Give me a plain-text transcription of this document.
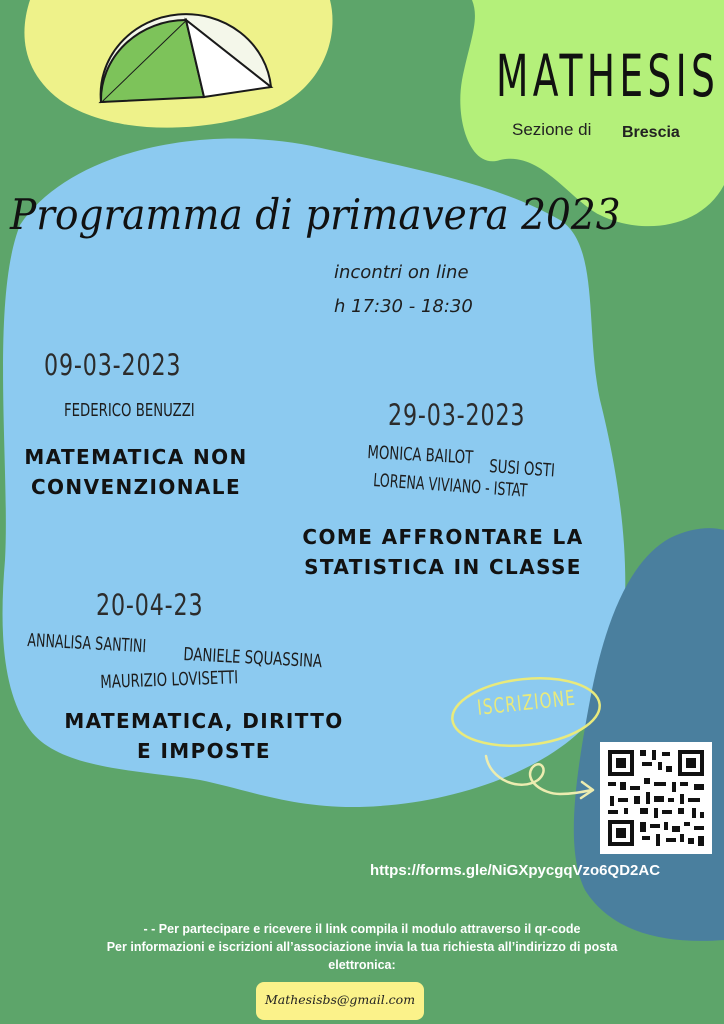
MATHESIS
Sezione di Brescia
Programma di primavera 2023
incontri on line
h 17:30 - 18:30
09-03-2023
FEDERICO BENUZZI
MATEMATICA NON
CONVENZIONALE
29-03-2023
MONICA BAILOT
SUSI OSTI
LORENA VIVIANO - ISTAT
COME AFFRONTARE LA
STATISTICA IN CLASSE
20-04-23
ANNALISA SANTINI
DANIELE SQUASSINA
MAURIZIO LOVISETTI
MATEMATICA, DIRITTO
E IMPOSTE
ISCRIZIONE
https://forms.gle/NiGXpycgqVzo6QD2AC
- - Per partecipare e ricevere il link compila il modulo attraverso il qr-code
Per informazioni e iscrizioni all’associazione invia la tua richiesta all’indirizzo di posta
elettronica:
Mathesisbs@gmail.com
